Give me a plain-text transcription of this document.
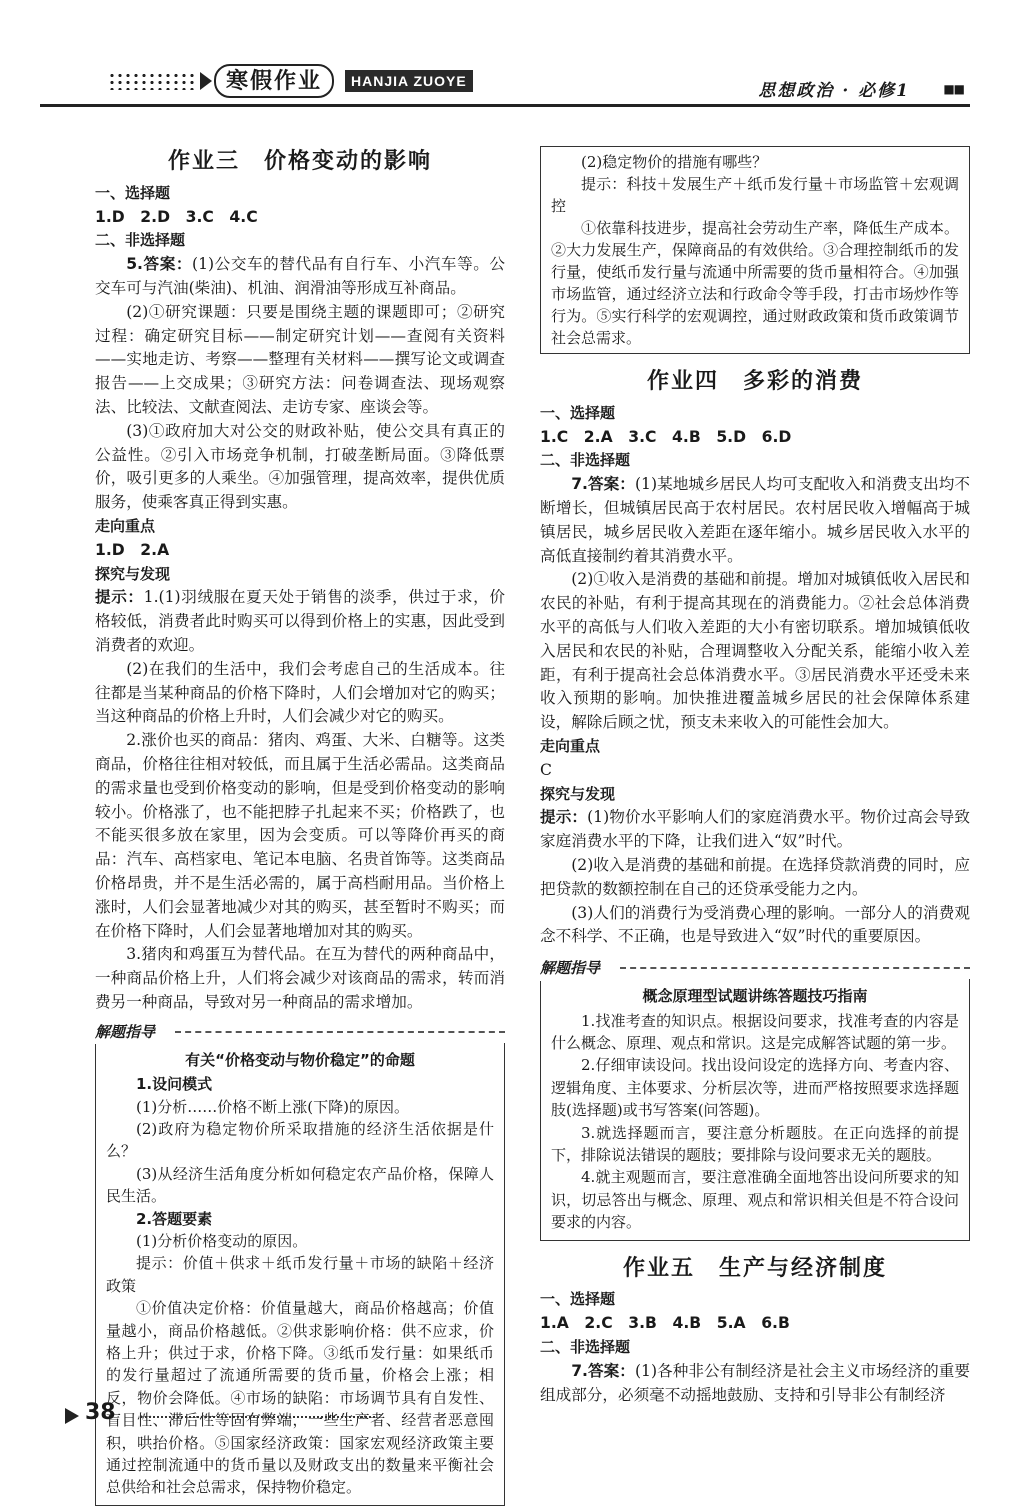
寒假作业	HANJIA ZUOYE	思想政治 · 必修1	■■
作业三　价格变动的影响

一、选择题

1.D　2.D　3.C　4.C

二、非选择题

5.答案：(1)公交车的替代品有自行车、小汽车等。公交车可与汽油(柴油)、机油、润滑油等形成互补商品。

(2)①研究课题：只要是围绕主题的课题即可；②研究过程：确定研究目标——制定研究计划——查阅有关资料——实地走访、考察——整理有关材料——撰写论文或调查报告——上交成果；③研究方法：问卷调查法、现场观察法、比较法、文献查阅法、走访专家、座谈会等。

(3)①政府加大对公交的财政补贴，使公交具有真正的公益性。②引入市场竞争机制，打破垄断局面。③降低票价，吸引更多的人乘坐。④加强管理，提高效率，提供优质服务，使乘客真正得到实惠。

走向重点

1.D　2.A

探究与发现

提示：1.(1)羽绒服在夏天处于销售的淡季，供过于求，价格较低，消费者此时购买可以得到价格上的实惠，因此受到消费者的欢迎。

(2)在我们的生活中，我们会考虑自己的生活成本。往往都是当某种商品的价格下降时，人们会增加对它的购买；当这种商品的价格上升时，人们会减少对它的购买。

2.涨价也买的商品：猪肉、鸡蛋、大米、白糖等。这类商品，价格往往相对较低，而且属于生活必需品。这类商品的需求量也受到价格变动的影响，但是受到价格变动的影响较小。价格涨了，也不能把脖子扎起来不买；价格跌了，也不能买很多放在家里，因为会变质。可以等降价再买的商品：汽车、高档家电、笔记本电脑、名贵首饰等。这类商品价格昂贵，并不是生活必需的，属于高档耐用品。当价格上涨时，人们会显著地减少对其的购买，甚至暂时不购买；而在价格下降时，人们会显著地增加对其的购买。

3.猪肉和鸡蛋互为替代品。在互为替代的两种商品中，一种商品价格上升，人们将会减少对该商品的需求，转而消费另一种商品，导致对另一种商品的需求增加。

解题指导
有关“价格变动与物价稳定”的命题

1.设问模式

(1)分析……价格不断上涨(下降)的原因。

(2)政府为稳定物价所采取措施的经济生活依据是什么？

(3)从经济生活角度分析如何稳定农产品价格，保障人民生活。

2.答题要素

(1)分析价格变动的原因。

提示：价值＋供求＋纸币发行量＋市场的缺陷＋经济政策

①价值决定价格：价值量越大，商品价格越高；价值量越小，商品价格越低。②供求影响价格：供不应求，价格上升；供过于求，价格下降。③纸币发行量：如果纸币的发行量超过了流通所需要的货币量，价格会上涨；相反，物价会降低。④市场的缺陷：市场调节具有自发性、盲目性、滞后性等固有弊端，一些生产者、经营者恶意囤积，哄抬价格。⑤国家经济政策：国家宏观经济政策主要通过控制流通中的货币量以及财政支出的数量来平衡社会总供给和社会总需求，保持物价稳定。

(2)稳定物价的措施有哪些？

提示：科技＋发展生产＋纸币发行量＋市场监管＋宏观调控

①依靠科技进步，提高社会劳动生产率，降低生产成本。②大力发展生产，保障商品的有效供给。③合理控制纸币的发行量，使纸币发行量与流通中所需要的货币量相符合。④加强市场监管，通过经济立法和行政命令等手段，打击市场炒作等行为。⑤实行科学的宏观调控，通过财政政策和货币政策调节社会总需求。

作业四　多彩的消费

一、选择题

1.C　2.A　3.C　4.B　5.D　6.D

二、非选择题

7.答案：(1)某地城乡居民人均可支配收入和消费支出均不断增长，但城镇居民高于农村居民。农村居民收入增幅高于城镇居民，城乡居民收入差距在逐年缩小。城乡居民收入水平的高低直接制约着其消费水平。

(2)①收入是消费的基础和前提。增加对城镇低收入居民和农民的补贴，有利于提高其现在的消费能力。②社会总体消费水平的高低与人们收入差距的大小有密切联系。增加城镇低收入居民和农民的补贴，合理调整收入分配关系，能缩小收入差距，有利于提高社会总体消费水平。③居民消费水平还受未来收入预期的影响。加快推进覆盖城乡居民的社会保障体系建设，解除后顾之忧，预支未来收入的可能性会加大。

走向重点

C

探究与发现

提示：(1)物价水平影响人们的家庭消费水平。物价过高会导致家庭消费水平的下降，让我们进入“奴”时代。

(2)收入是消费的基础和前提。在选择贷款消费的同时，应把贷款的数额控制在自己的还贷承受能力之内。

(3)人们的消费行为受消费心理的影响。一部分人的消费观念不科学、不正确，也是导致进入“奴”时代的重要原因。

解题指导
概念原理型试题讲练答题技巧指南

1.找准考查的知识点。根据设问要求，找准考查的内容是什么概念、原理、观点和常识。这是完成解答试题的第一步。

2.仔细审读设问。找出设问设定的选择方向、考查内容、逻辑角度、主体要求、分析层次等，进而严格按照要求选择题肢(选择题)或书写答案(问答题)。

3.就选择题而言，要注意分析题肢。在正向选择的前提下，排除说法错误的题肢；要排除与设问要求无关的题肢。

4.就主观题而言，要注意准确全面地答出设问所要求的知识，切忌答出与概念、原理、观点和常识相关但是不符合设问要求的内容。

作业五　生产与经济制度

一、选择题

1.A　2.C　3.B　4.B　5.A　6.B

二、非选择题

7.答案：(1)各种非公有制经济是社会主义市场经济的重要组成部分，必须毫不动摇地鼓励、支持和引导非公有制经济

38
